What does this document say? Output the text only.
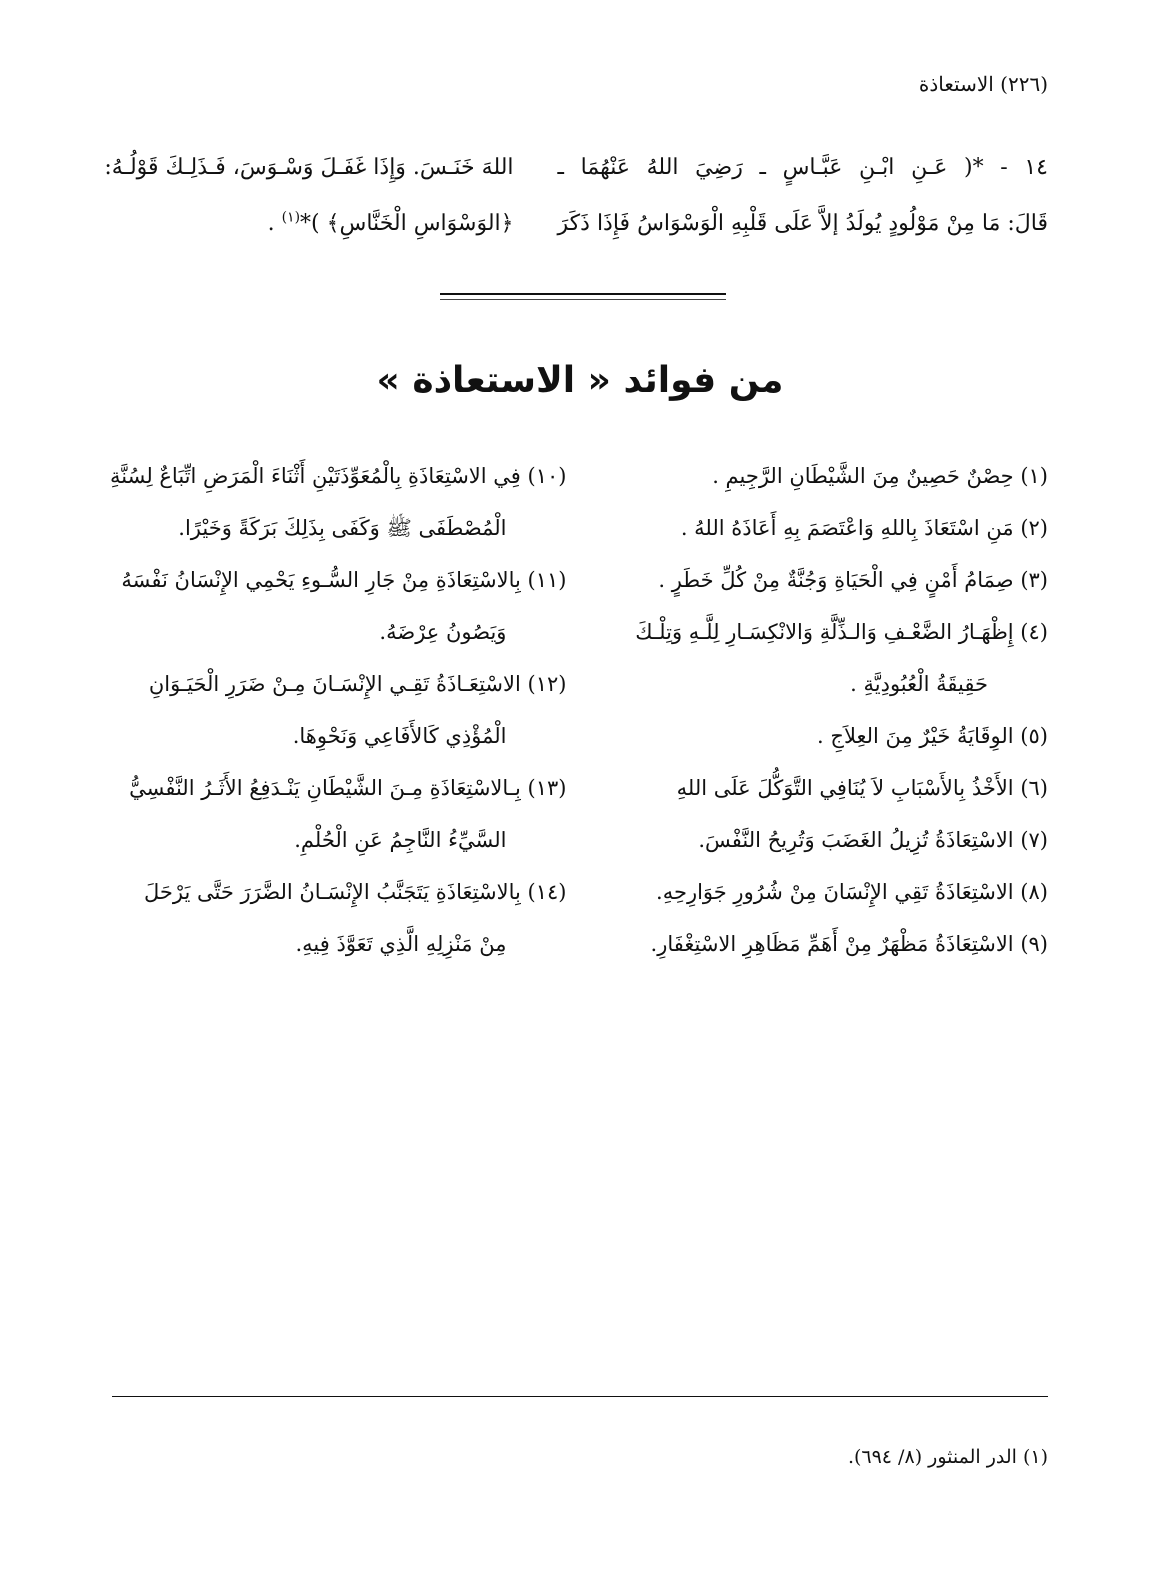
(٢٢٦) الاستعاذة
١٤ - *( عَـنِ ابْـنِ عَبَّـاسٍ ـ رَضِيَ اللهُ عَنْهُمَا ـ
قَالَ: مَا مِنْ مَوْلُودٍ يُولَدُ إلاَّ عَلَى قَلْبِهِ الْوَسْوَاسُ فَإِذَا ذَكَرَ
اللهَ خَنَـسَ. وَإِذَا غَفَـلَ وَسْـوَسَ، فَـذَلِـكَ قَوْلُـهُ:
﴿الوَسْوَاسِ الْخَنَّاسِ﴾ )*$^{(١)}$ .
من فوائد « الاستعاذة »

(١) حِصْنٌ حَصِينٌ مِنَ الشَّيْطَانِ الرَّجِيمِ .

(٢) مَنِ اسْتَعَاذَ بِاللهِ وَاعْتَصَمَ بِهِ أَعَاذَهُ اللهُ .

(٣) صِمَامُ أَمْنٍ فِي الْحَيَاةِ وَجُنَّةٌ مِنْ كُلِّ خَطَرٍ .

(٤) إِظْهَـارُ الضَّعْـفِ وَالـذِّلَّةِ وَالانْكِسَـارِ لِلَّـهِ وَتِلْـكَ
حَقِيقَةُ الْعُبُودِيَّةِ .

(٥) الوِقَايَةُ خَيْرٌ مِنَ العِلاَجِ .

(٦) الأَخْذُ بِالأَسْبَابِ لاَ يُنَافِي التَّوَكُّلَ عَلَى اللهِ

(٧) الاسْتِعَاذَةُ تُزِيلُ الغَضَبَ وَتُرِيحُ النَّفْسَ.

(٨) الاسْتِعَاذَةُ تَقِي الإِنْسَانَ مِنْ شُرُورِ جَوَارِحِهِ.

(٩) الاسْتِعَاذَةُ مَظْهَرٌ مِنْ أَهَمِّ مَظَاهِرِ الاسْتِغْفَارِ.

(١٠) فِي الاسْتِعَاذَةِ بِالْمُعَوِّذَتَيْنِ أَثْنَاءَ الْمَرَضِ اتِّبَاعٌ لِسُنَّةِ
الْمُصْطَفَى ﷺ وَكَفَى بِذَلِكَ بَرَكَةً وَخَيْرًا.

(١١) بِالاسْتِعَاذَةِ مِنْ جَارِ السُّـوءِ يَحْمِي الإِنْسَانُ نَفْسَهُ
وَيَصُونُ عِرْضَهُ.

(١٢) الاسْتِعَـاذَةُ تَقِـي الإِنْسَـانَ مِـنْ ضَرَرِ الْحَيَـوَانِ
الْمُؤْذِي كَالأَفَاعِي وَنَحْوِهَا.

(١٣) بِـالاسْتِعَاذَةِ مِـنَ الشَّيْطَانِ يَنْـدَفِعُ الأَثَـرُ النَّفْسِيُّ
السَّيِّءُ النَّاجِمُ عَنِ الْحُلْمِ.

(١٤) بِالاسْتِعَاذَةِ يَتَجَنَّبُ الإِنْسَـانُ الضَّرَرَ حَتَّى يَرْحَلَ
مِنْ مَنْزِلِهِ الَّذِي تَعَوَّذَ فِيهِ.

(١) الدر المنثور (٨/ ٦٩٤).
